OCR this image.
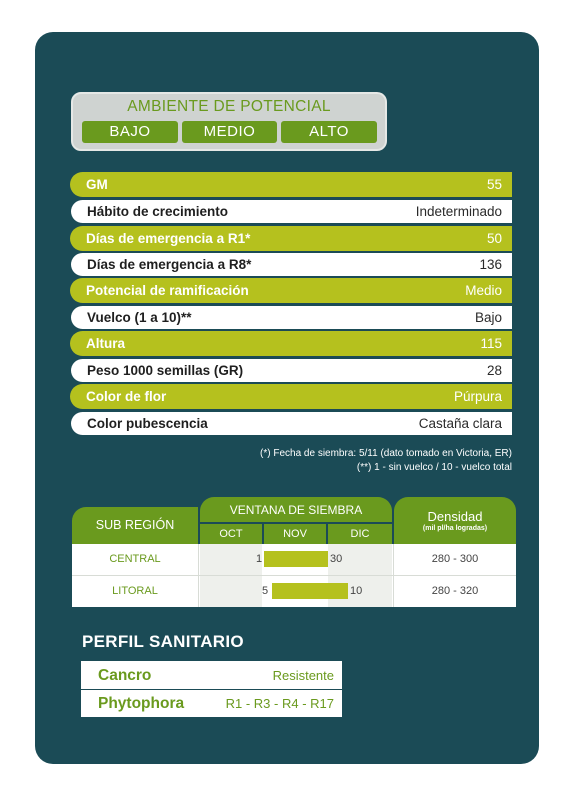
AMBIENTE DE POTENCIAL
BAJO	MEDIO	ALTO
GM	55
Hábito de crecimiento	Indeterminado
Días de emergencia a R1*	50
Días de emergencia a R8*	136
Potencial de ramificación	Medio
Vuelco (1 a 10)**	Bajo
Altura	115
Peso 1000 semillas (GR)	28
Color de flor	Púrpura
Color pubescencia	Castaña clara
(*) Fecha de siembra: 5/11 (dato tomado en Victoria, ER)
(**) 1 - sin vuelco / 10 - vuelco total
SUB REGIÓN
VENTANA DE SIEMBRA
OCT	NOV	DIC
Densidad
(mil pl/ha logradas)
CENTRAL	1	30	280 - 300
LITORAL	5	10	280 - 320
PERFIL SANITARIO
Cancro	Resistente
Phytophora	R1 - R3 - R4 - R17
